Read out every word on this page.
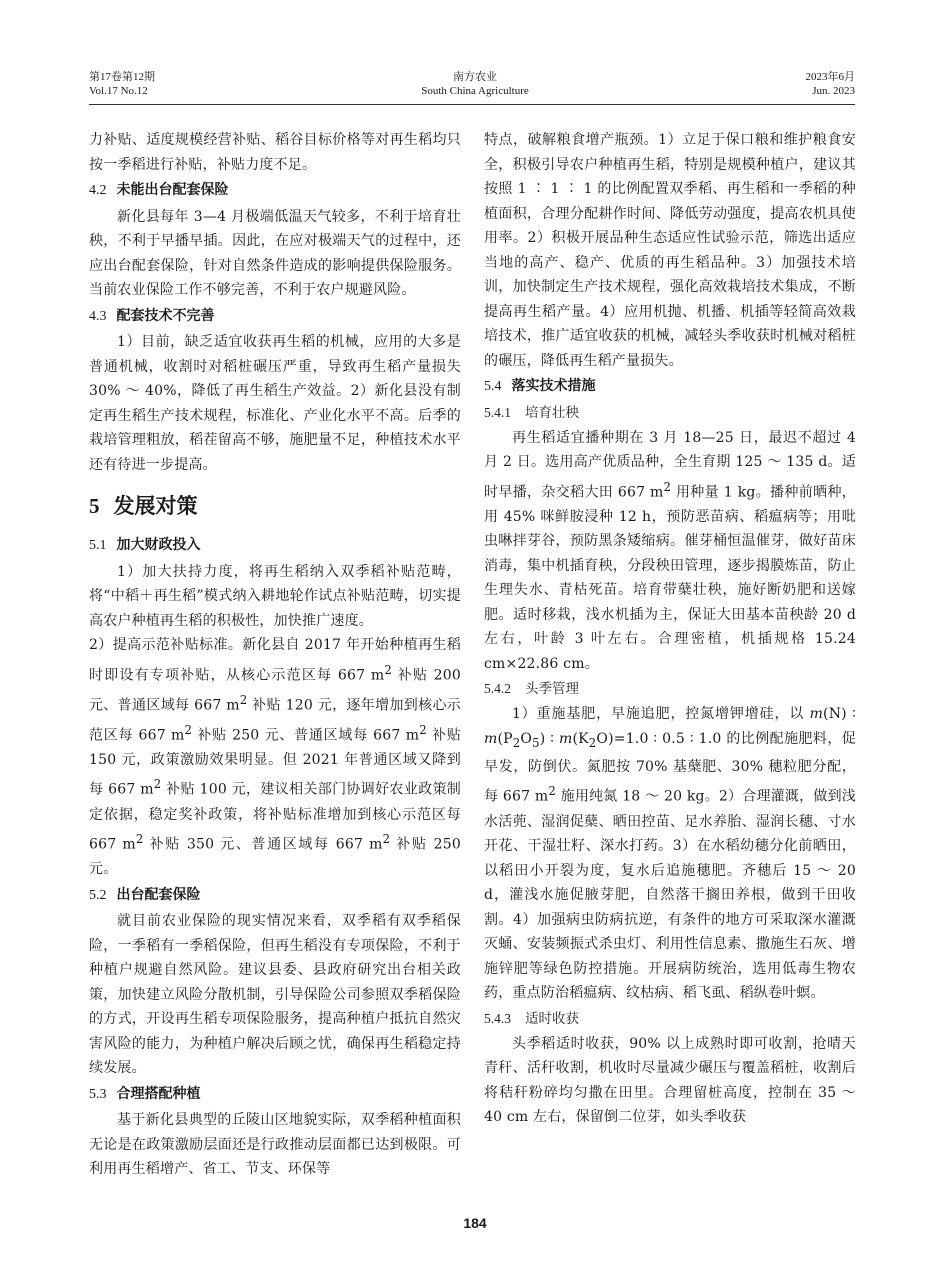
第17卷第12期
Vol.17 No.12
南方农业
South China Agriculture
2023年6月
Jun. 2023

力补贴、适度规模经营补贴、稻谷目标价格等对再生稻均只按一季稻进行补贴，补贴力度不足。

4.2 未能出台配套保险

新化县每年 3—4 月极端低温天气较多，不利于培育壮秧，不利于早播早插。因此，在应对极端天气的过程中，还应出台配套保险，针对自然条件造成的影响提供保险服务。当前农业保险工作不够完善，不利于农户规避风险。

4.3 配套技术不完善

1）目前，缺乏适宜收获再生稻的机械，应用的大多是普通机械，收割时对稻桩碾压严重，导致再生稻产量损失 30% ～ 40%，降低了再生稻生产效益。2）新化县没有制定再生稻生产技术规程，标准化、产业化水平不高。后季的栽培管理粗放，稻茬留高不够，施肥量不足，种植技术水平还有待进一步提高。

5 发展对策
5.1 加大财政投入

1）加大扶持力度，将再生稻纳入双季稻补贴范畴，将“中稻＋再生稻”模式纳入耕地轮作试点补贴范畴，切实提高农户种植再生稻的积极性，加快推广速度。

2）提高示范补贴标准。新化县自 2017 年开始种植再生稻时即设有专项补贴，从核心示范区每 667 $m^2$ 补贴 200 元、普通区域每 667 $m^2$ 补贴 120 元，逐年增加到核心示范区每 667 $m^2$ 补贴 250 元、普通区域每 667 $m^2$ 补贴 150 元，政策激励效果明显。但 2021 年普通区域又降到每 667 $m^2$ 补贴 100 元，建议相关部门协调好农业政策制定依据，稳定奖补政策，将补贴标准增加到核心示范区每 667 $m^2$ 补贴 350 元、普通区域每 667 $m^2$ 补贴 250 元。

5.2 出台配套保险

就目前农业保险的现实情况来看，双季稻有双季稻保险，一季稻有一季稻保险，但再生稻没有专项保险，不利于种植户规避自然风险。建议县委、县政府研究出台相关政策，加快建立风险分散机制，引导保险公司参照双季稻保险的方式，开设再生稻专项保险服务，提高种植户抵抗自然灾害风险的能力，为种植户解决后顾之忧，确保再生稻稳定持续发展。

5.3 合理搭配种植

基于新化县典型的丘陵山区地貌实际，双季稻种植面积无论是在政策激励层面还是行政推动层面都已达到极限。可利用再生稻增产、省工、节支、环保等

特点，破解粮食增产瓶颈。1）立足于保口粮和维护粮食安全，积极引导农户种植再生稻，特别是规模种植户，建议其按照 1 ∶ 1 ∶ 1 的比例配置双季稻、再生稻和一季稻的种植面积，合理分配耕作时间、降低劳动强度，提高农机具使用率。2）积极开展品种生态适应性试验示范，筛选出适应当地的高产、稳产、优质的再生稻品种。3）加强技术培训，加快制定生产技术规程，强化高效栽培技术集成，不断提高再生稻产量。4）应用机抛、机播、机插等轻简高效栽培技术，推广适宜收获的机械，减轻头季收获时机械对稻桩的碾压，降低再生稻产量损失。

5.4 落实技术措施
5.4.1 培育壮秧

再生稻适宜播种期在 3 月 18—25 日，最迟不超过 4 月 2 日。选用高产优质品种，全生育期 125 ～ 135 d。适时早播，杂交稻大田 667 $m^2$ 用种量 1 kg。播种前晒种，用 45% 咪鲜胺浸种 12 h，预防恶苗病、稻瘟病等；用吡虫啉拌芽谷，预防黑条矮缩病。催芽桶恒温催芽，做好苗床消毒，集中机插育秧，分段秧田管理，逐步揭膜炼苗，防止生理失水、青枯死苗。培育带蘖壮秧，施好断奶肥和送嫁肥。适时移栽，浅水机插为主，保证大田基本苗秧龄 20 d 左右，叶龄 3 叶左右。合理密植，机插规格 15.24 cm×22.86 cm。

5.4.2 头季管理

1）重施基肥，早施追肥，控氮增钾增硅，以 m(N) ∶ $m(P_2O_5)$ ∶ $m(K_2O)=1.0$ ∶ 0.5 ∶ 1.0 的比例配施肥料，促早发，防倒伏。氮肥按 70% 基蘖肥、30% 穗粒肥分配，每 667 $m^2$ 施用纯氮 18 ～ 20 kg。2）合理灌溉，做到浅水活蔸、湿润促蘖、晒田控苗、足水养胎、湿润长穗、寸水开花、干湿壮籽、深水打药。3）在水稻幼穗分化前晒田，以稻田小开裂为度，复水后追施穗肥。齐穗后 15 ～ 20 d，灌浅水施促腋芽肥，自然落干搁田养根，做到干田收割。4）加强病虫防病抗逆，有条件的地方可采取深水灌溉灭蛹、安装频振式杀虫灯、利用性信息素、撒施生石灰、增施锌肥等绿色防控措施。开展病防统治，选用低毒生物农药，重点防治稻瘟病、纹枯病、稻飞虱、稻纵卷叶螟。

5.4.3 适时收获

头季稻适时收获，90% 以上成熟时即可收割，抢晴天青秆、活秆收割，机收时尽量减少碾压与覆盖稻桩，收割后将秸秆粉碎均匀撒在田里。合理留桩高度，控制在 35 ～ 40 cm 左右，保留倒二位芽，如头季收获

184
